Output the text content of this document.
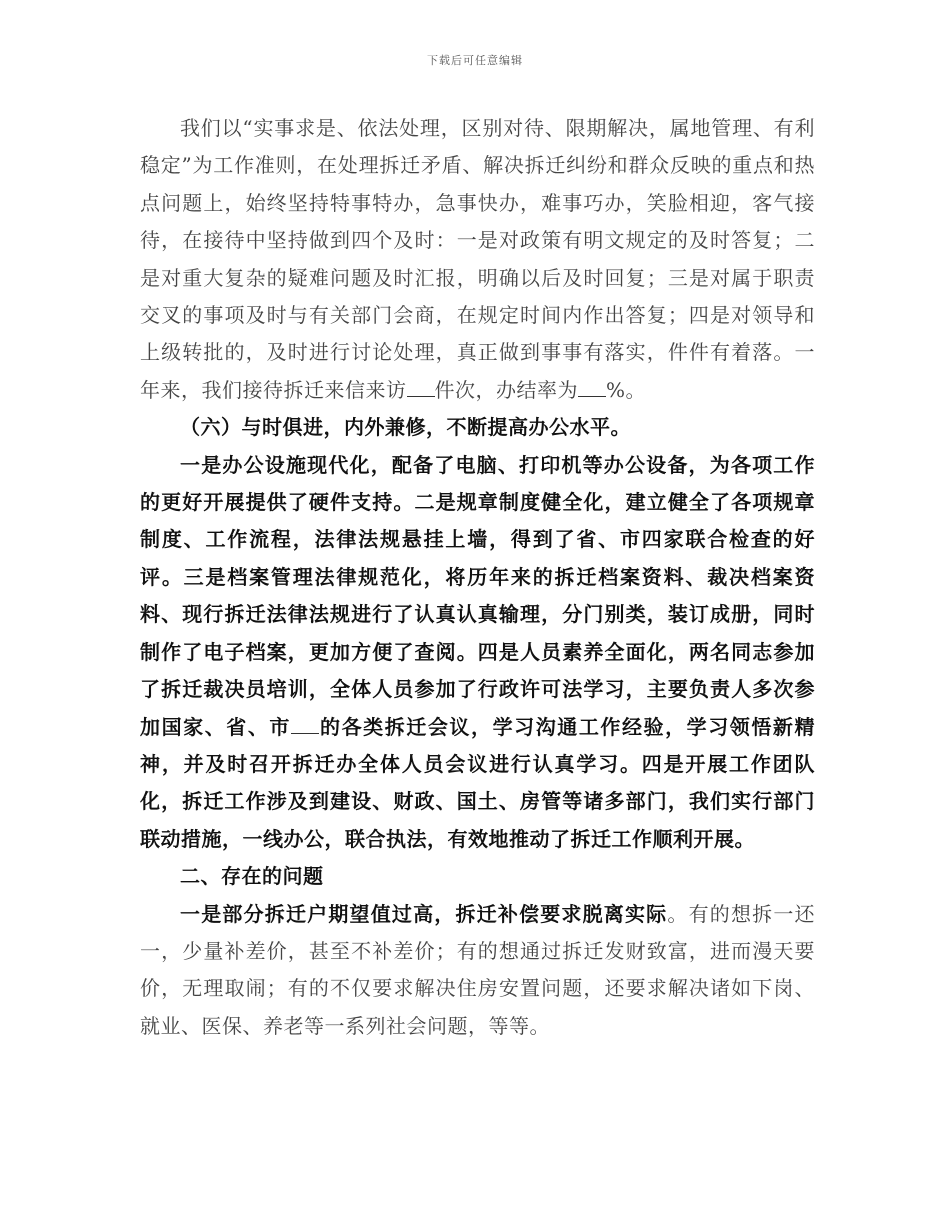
下载后可任意编辑

我们以“实事求是、依法处理，区别对待、限期解决，属地管理、有利稳定”为工作准则，在处理拆迁矛盾、解决拆迁纠纷和群众反映的重点和热点问题上，始终坚持特事特办，急事快办，难事巧办，笑脸相迎，客气接待，在接待中坚持做到四个及时：一是对政策有明文规定的及时答复；二是对重大复杂的疑难问题及时汇报，明确以后及时回复；三是对属于职责交叉的事项及时与有关部门会商，在规定时间内作出答复；四是对领导和上级转批的，及时进行讨论处理，真正做到事事有落实，件件有着落。一年来，我们接待拆迁来信来访 件次，办结率为 %。

（六）与时俱进，内外兼修，不断提高办公水平。

一是办公设施现代化，配备了电脑、打印机等办公设备，为各项工作的更好开展提供了硬件支持。二是规章制度健全化，建立健全了各项规章制度、工作流程，法律法规悬挂上墙，得到了省、市四家联合检查的好评。三是档案管理法律规范化，将历年来的拆迁档案资料、裁决档案资料、现行拆迁法律法规进行了认真认真输理，分门别类，装订成册，同时制作了电子档案，更加方便了查阅。四是人员素养全面化，两名同志参加了拆迁裁决员培训，全体人员参加了行政许可法学习，主要负责人多次参加国家、省、市 的各类拆迁会议，学习沟通工作经验，学习领悟新精神，并及时召开拆迁办全体人员会议进行认真学习。四是开展工作团队化，拆迁工作涉及到建设、财政、国土、房管等诸多部门，我们实行部门联动措施，一线办公，联合执法，有效地推动了拆迁工作顺利开展。

二、存在的问题

一是部分拆迁户期望值过高，拆迁补偿要求脱离实际。有的想拆一还一，少量补差价，甚至不补差价；有的想通过拆迁发财致富，进而漫天要价，无理取闹；有的不仅要求解决住房安置问题，还要求解决诸如下岗、就业、医保、养老等一系列社会问题，等等。
